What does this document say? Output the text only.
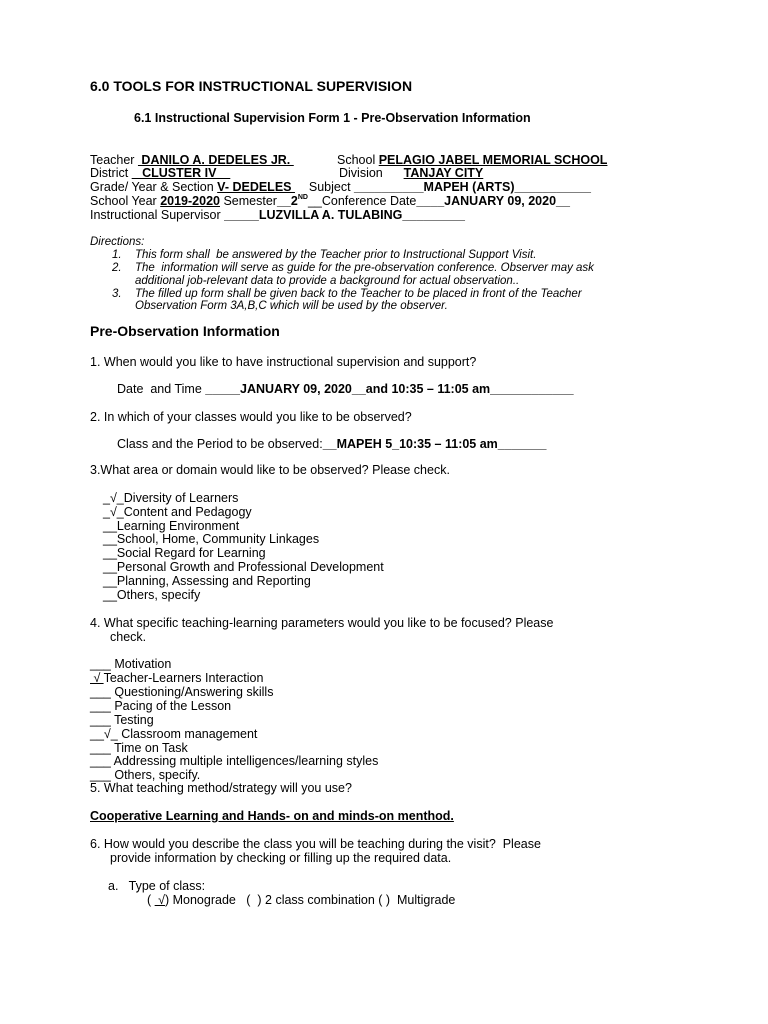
6.0 TOOLS FOR INSTRUCTIONAL SUPERVISION
6.1 Instructional Supervision Form 1 - Pre-Observation Information
Teacher  DANILO A. DEDELES JR.	School PELAGIO JABEL MEMORIAL SCHOOL
District    CLUSTER IV	Division      TANJAY CITY
Grade/ Year & Section V- DEDELES     Subject __________MAPEH (ARTS)___________
School Year 2019-2020 Semester__2ND__Conference Date____JANUARY 09, 2020__
Instructional Supervisor _____LUZVILLA A. TULABING_________
Directions:
1. This form shall  be answered by the Teacher prior to Instructional Support Visit.
2. The  information will serve as guide for the pre-observation conference. Observer may ask
additional job-relevant data to provide a background for actual observation..
3. The filled up form shall be given back to the Teacher to be placed in front of the Teacher
Observation Form 3A,B,C which will be used by the observer.
Pre-Observation Information
1. When would you like to have instructional supervision and support?
Date  and Time _____JANUARY 09, 2020__and 10:35 – 11:05 am____________
2. In which of your classes would you like to be observed?
Class and the Period to be observed:__MAPEH 5_10:35 – 11:05 am_______
3.What area or domain would like to be observed? Please check.
_√_Diversity of Learners
_√_Content and Pedagogy
__Learning Environment
__School, Home, Community Linkages
__Social Regard for Learning
__Personal Growth and Professional Development
__Planning, Assessing and Reporting
__Others, specify
4. What specific teaching-learning parameters would you like to be focused? Please
check.
___ Motivation
√ Teacher-Learners Interaction
___ Questioning/Answering skills
___ Pacing of the Lesson
___ Testing
__√_ Classroom management
___ Time on Task
___ Addressing multiple intelligences/learning styles
___ Others, specify.
5. What teaching method/strategy will you use?
Cooperative Learning and Hands- on and minds-on menthod.
6. How would you describe the class you will be teaching during the visit?  Please
provide information by checking or filling up the required data.
a.   Type of class:
(  √) Monograde   (  ) 2 class combination ( )  Multigrade
